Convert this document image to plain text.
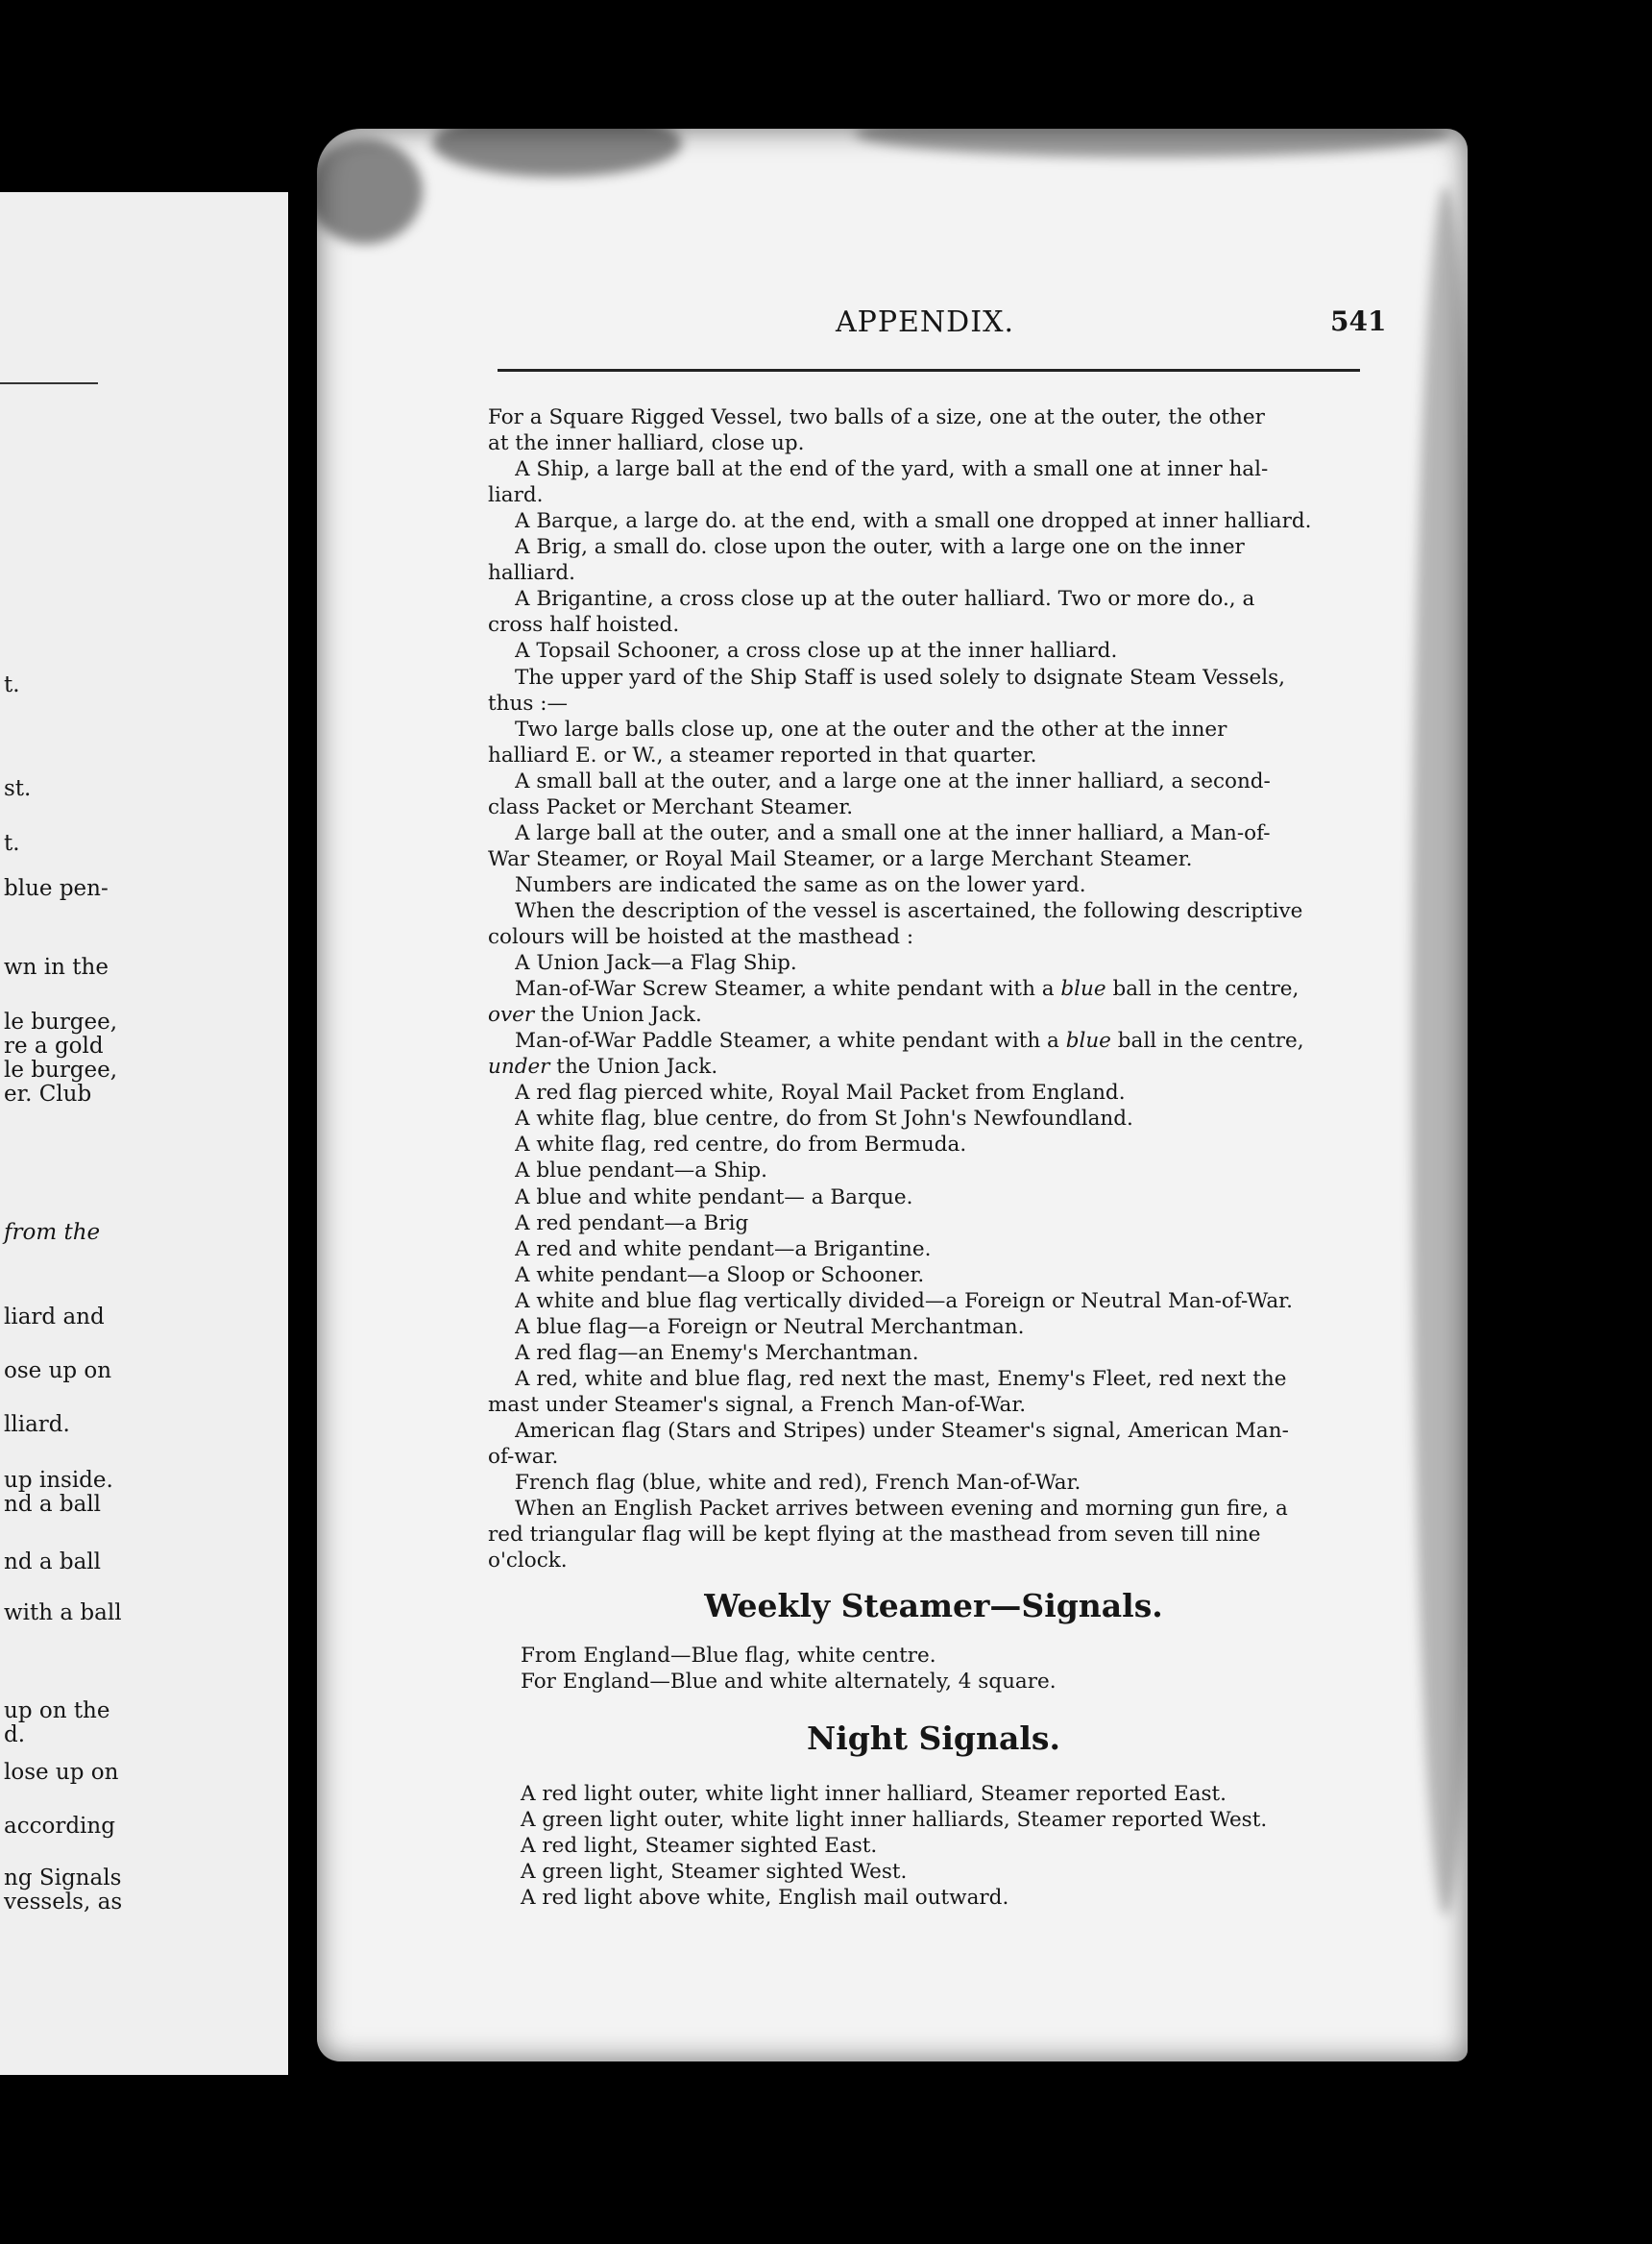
t.
st.
t.
blue pen-
wn in the
le burgee,
re a gold
le burgee,
er. Club
from the
liard and
ose up on
lliard.
up inside.
nd a ball
nd a ball
with a ball
up on the
d.
lose up on
according
ng Signals
vessels, as
APPENDIX.	541
For a Square Rigged Vessel, two balls of a size, one at the outer, the other
at the inner halliard, close up.
A Ship, a large ball at the end of the yard, with a small one at inner hal-
liard.
A Barque, a large do. at the end, with a small one dropped at inner halliard.
A Brig, a small do. close upon the outer, with a large one on the inner
halliard.
A Brigantine, a cross close up at the outer halliard. Two or more do., a
cross half hoisted.
A Topsail Schooner, a cross close up at the inner halliard.
The upper yard of the Ship Staff is used solely to dsignate Steam Vessels,
thus :—
Two large balls close up, one at the outer and the other at the inner
halliard E. or W., a steamer reported in that quarter.
A small ball at the outer, and a large one at the inner halliard, a second-
class Packet or Merchant Steamer.
A large ball at the outer, and a small one at the inner halliard, a Man-of-
War Steamer, or Royal Mail Steamer, or a large Merchant Steamer.
Numbers are indicated the same as on the lower yard.
When the description of the vessel is ascertained, the following descriptive
colours will be hoisted at the masthead :
A Union Jack—a Flag Ship.
Man-of-War Screw Steamer, a white pendant with a blue ball in the centre,
over the Union Jack.
Man-of-War Paddle Steamer, a white pendant with a blue ball in the centre,
under the Union Jack.
A red flag pierced white, Royal Mail Packet from England.
A white flag, blue centre, do from St John's Newfoundland.
A white flag, red centre, do from Bermuda.
A blue pendant—a Ship.
A blue and white pendant— a Barque.
A red pendant—a Brig
A red and white pendant—a Brigantine.
A white pendant—a Sloop or Schooner.
A white and blue flag vertically divided—a Foreign or Neutral Man-of-War.
A blue flag—a Foreign or Neutral Merchantman.
A red flag—an Enemy's Merchantman.
A red, white and blue flag, red next the mast, Enemy's Fleet, red next the
mast under Steamer's signal, a French Man-of-War.
American flag (Stars and Stripes) under Steamer's signal, American Man-
of-war.
French flag (blue, white and red), French Man-of-War.
When an English Packet arrives between evening and morning gun fire, a
red triangular flag will be kept flying at the masthead from seven till nine
o'clock.
Weekly Steamer—Signals.
From England—Blue flag, white centre.
For England—Blue and white alternately, 4 square.
Night Signals.
A red light outer, white light inner halliard, Steamer reported East.
A green light outer, white light inner halliards, Steamer reported West.
A red light, Steamer sighted East.
A green light, Steamer sighted West.
A red light above white, English mail outward.
